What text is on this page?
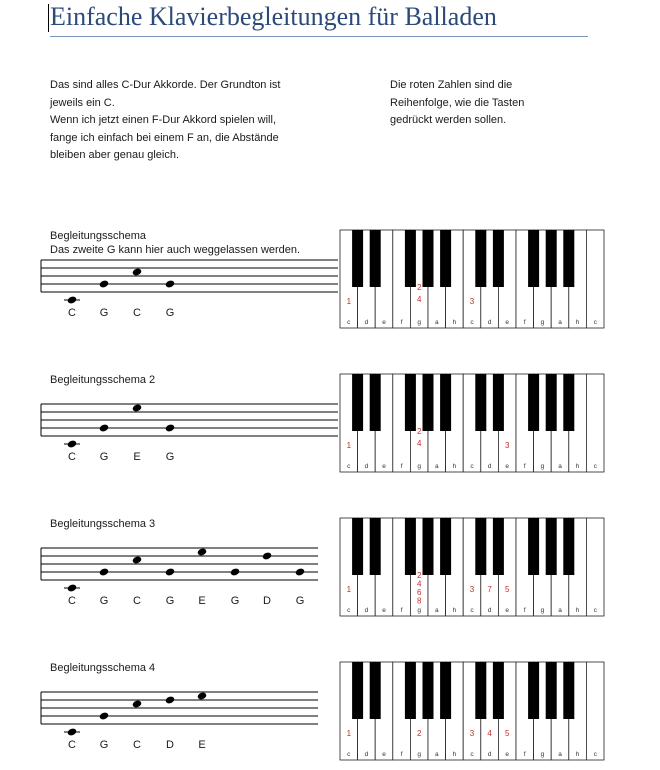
Einfache Klavierbegleitungen für Balladen
Das sind alles C-Dur Akkorde. Der Grundton ist
jeweils ein C.
Wenn ich jetzt einen F-Dur Akkord spielen will,
fange ich einfach bei einem F an, die Abstände
bleiben aber genau gleich.
Die roten Zahlen sind die
Reihenfolge, wie die Tasten
gedrückt werden sollen.
Begleitungsschema
Das zweite G kann hier auch weggelassen werden.
Begleitungsschema 2
Begleitungsschema 3
Begleitungsschema 4
C G C G
c d e f g a h c d e f g a h c
1
2
4	3
C G E G
c d e f g a h c d e f g a h c
1
2
4	3
C G C G E G D G
c d e f g a h c d e f g a h c
1
2
4
6
8
3 7 5
C G C D E
c d e f g a h c d e f g a h c
1	2	3 4 5
